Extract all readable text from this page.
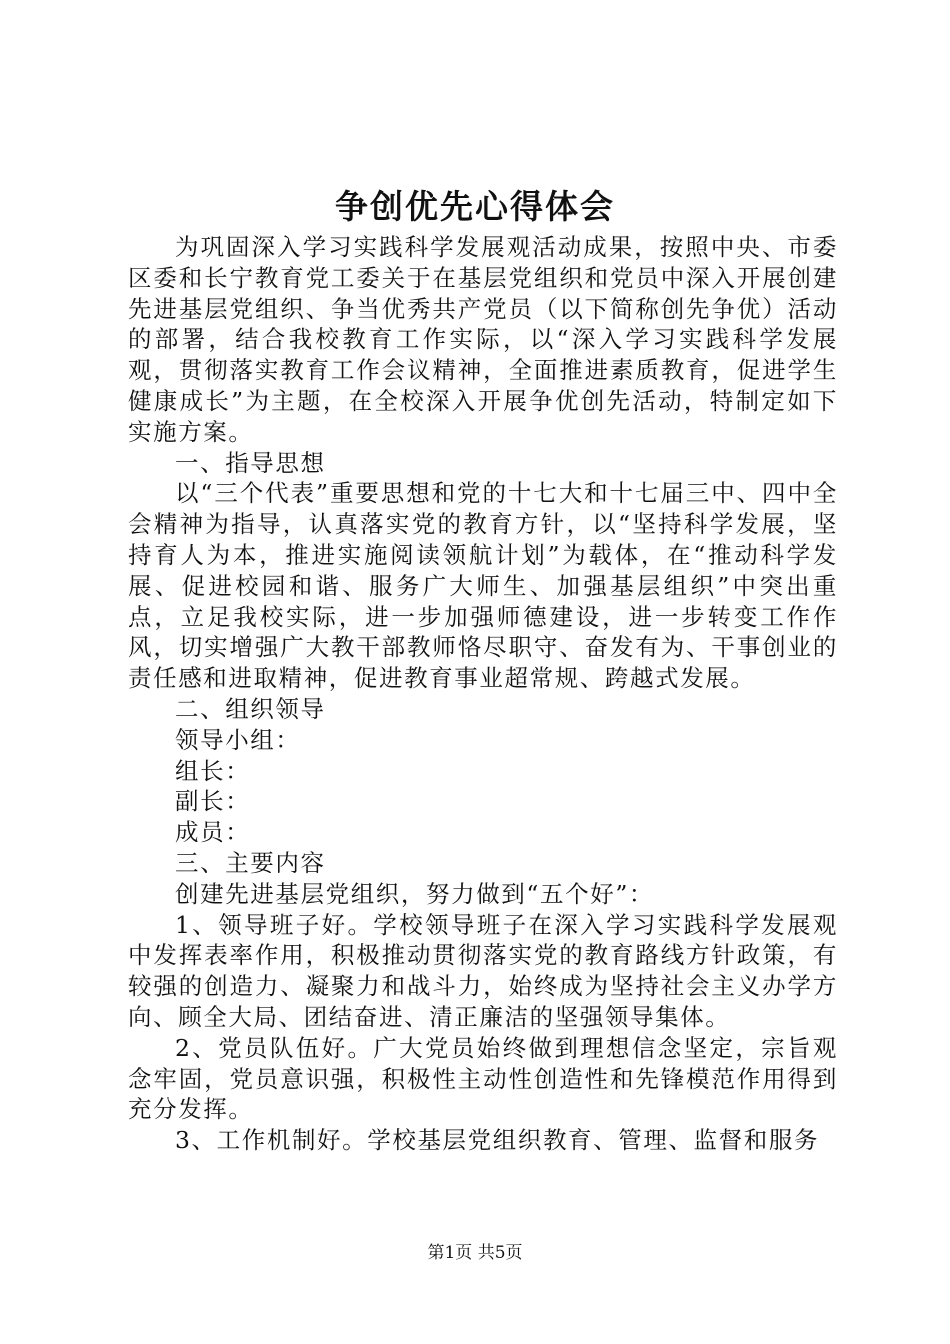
争创优先心得体会

为巩固深入学习实践科学发展观活动成果，按照中央、市委区委和长宁教育党工委关于在基层党组织和党员中深入开展创建先进基层党组织、争当优秀共产党员（以下简称创先争优）活动的部署，结合我校教育工作实际，以“深入学习实践科学发展观，贯彻落实教育工作会议精神，全面推进素质教育，促进学生健康成长”为主题，在全校深入开展争优创先活动，特制定如下实施方案。

一、指导思想

以“三个代表”重要思想和党的十七大和十七届三中、四中全会精神为指导，认真落实党的教育方针，以“坚持科学发展，坚持育人为本，推进实施阅读领航计划”为载体，在“推动科学发展、促进校园和谐、服务广大师生、加强基层组织”中突出重点，立足我校实际，进一步加强师德建设，进一步转变工作作风，切实增强广大教干部教师恪尽职守、奋发有为、干事创业的责任感和进取精神，促进教育事业超常规、跨越式发展。

二、组织领导

领导小组：

组长：

副长：

成员：

三、主要内容

创建先进基层党组织，努力做到“五个好”：

1、领导班子好。学校领导班子在深入学习实践科学发展观中发挥表率作用，积极推动贯彻落实党的教育路线方针政策，有较强的创造力、凝聚力和战斗力，始终成为坚持社会主义办学方向、顾全大局、团结奋进、清正廉洁的坚强领导集体。

2、党员队伍好。广大党员始终做到理想信念坚定，宗旨观念牢固，党员意识强，积极性主动性创造性和先锋模范作用得到充分发挥。

3、工作机制好。学校基层党组织教育、管理、监督和服务

第1页 共5页
